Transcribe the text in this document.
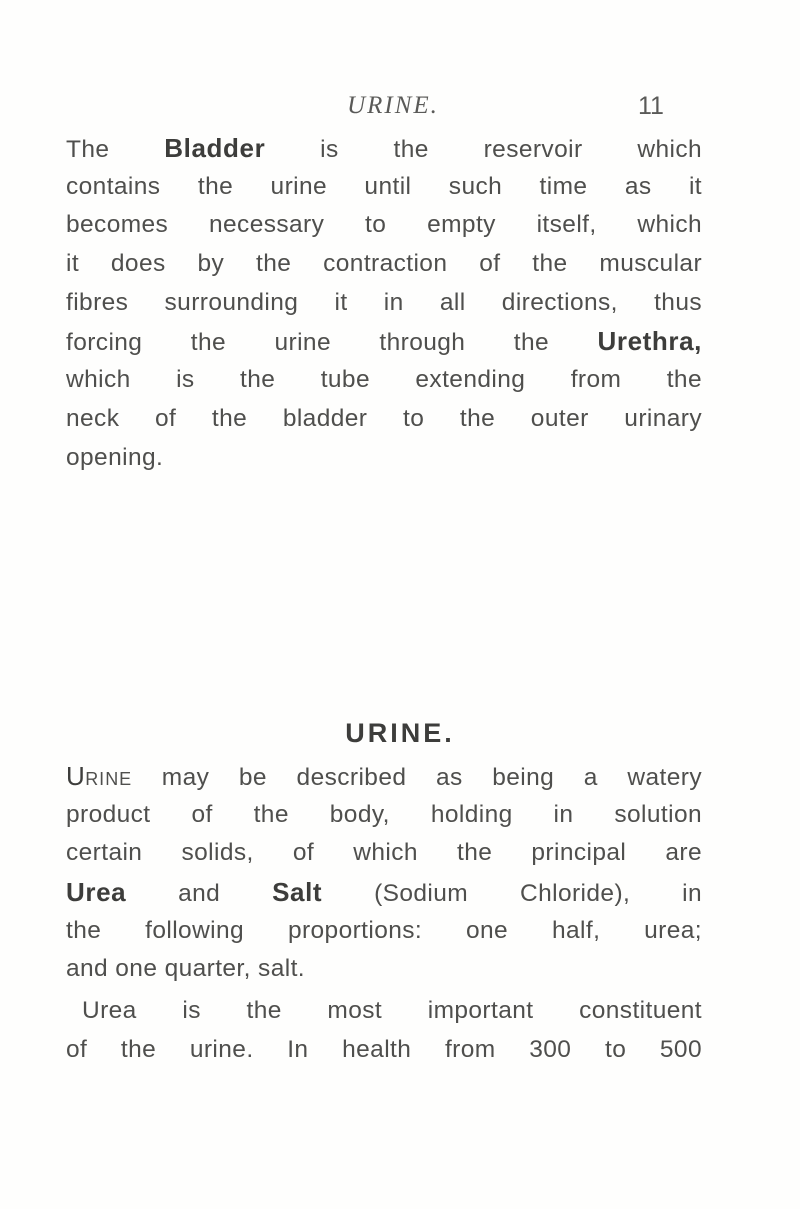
URINE.	11
The Bladder is the reservoir which
contains the urine until such time as it
becomes necessary to empty itself, which
it does by the contraction of the muscular
fibres surrounding it in all directions, thus
forcing the urine through the Urethra,
which is the tube extending from the
neck of the bladder to the outer urinary
opening.
URINE.
URINE may be described as being a watery
product of the body, holding in solution
certain solids, of which the principal are
Urea and Salt (Sodium Chloride), in
the following proportions: one half, urea;
and one quarter, salt.
Urea is the most important constituent
of the urine. In health from 300 to 500
